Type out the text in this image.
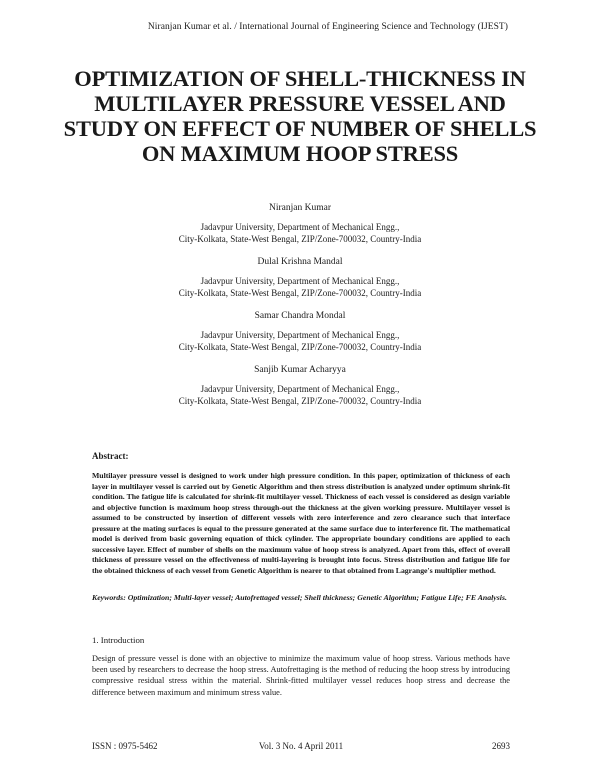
Niranjan Kumar et al. / International Journal of Engineering Science and Technology (IJEST)
OPTIMIZATION OF SHELL-THICKNESS IN MULTILAYER PRESSURE VESSEL AND STUDY ON EFFECT OF NUMBER OF SHELLS ON MAXIMUM HOOP STRESS
Niranjan Kumar
Jadavpur University, Department of Mechanical Engg.,
City-Kolkata, State-West Bengal, ZIP/Zone-700032, Country-India
Dulal Krishna Mandal
Jadavpur University, Department of Mechanical Engg.,
City-Kolkata, State-West Bengal, ZIP/Zone-700032, Country-India
Samar Chandra Mondal
Jadavpur University, Department of Mechanical Engg.,
City-Kolkata, State-West Bengal, ZIP/Zone-700032, Country-India
Sanjib Kumar Acharyya
Jadavpur University, Department of Mechanical Engg.,
City-Kolkata, State-West Bengal, ZIP/Zone-700032, Country-India

Abstract:

Multilayer pressure vessel is designed to work under high pressure condition. In this paper, optimization of thickness of each layer in multilayer vessel is carried out by Genetic Algorithm and then stress distribution is analyzed under optimum shrink-fit condition. The fatigue life is calculated for shrink-fit multilayer vessel. Thickness of each vessel is considered as design variable and objective function is maximum hoop stress through-out the thickness at the given working pressure. Multilayer vessel is assumed to be constructed by insertion of different vessels with zero interference and zero clearance such that interface pressure at the mating surfaces is equal to the pressure generated at the same surface due to interference fit. The mathematical model is derived from basic governing equation of thick cylinder. The appropriate boundary conditions are applied to each successive layer. Effect of number of shells on the maximum value of hoop stress is analyzed. Apart from this, effect of overall thickness of pressure vessel on the effectiveness of multi-layering is brought into focus. Stress distribution and fatigue life for the obtained thickness of each vessel from Genetic Algorithm is nearer to that obtained from Lagrange's multiplier method.

Keywords: Optimization; Multi-layer vessel; Autofrettaged vessel; Shell thickness; Genetic Algorithm; Fatigue Life; FE Analysis.

1. Introduction

Design of pressure vessel is done with an objective to minimize the maximum value of hoop stress. Various methods have been used by researchers to decrease the hoop stress. Autofrettaging is the method of reducing the hoop stress by introducing compressive residual stress within the material. Shrink-fitted multilayer vessel reduces hoop stress and decrease the difference between maximum and minimum stress value.

ISSN : 0975-5462	Vol. 3 No. 4 April 2011	2693
